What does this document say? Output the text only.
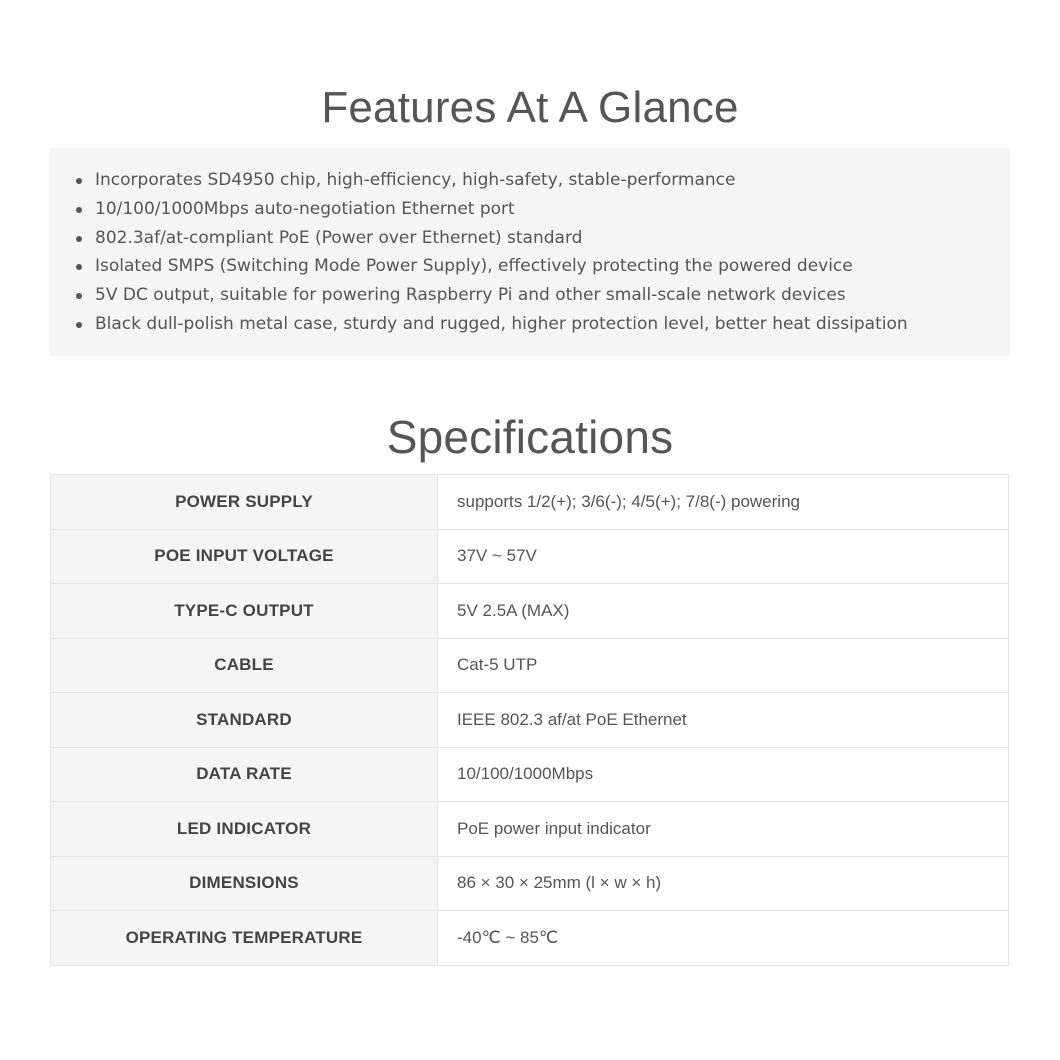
Features At A Glance
Incorporates SD4950 chip, high-efficiency, high-safety, stable-performance
10/100/1000Mbps auto-negotiation Ethernet port
802.3af/at-compliant PoE (Power over Ethernet) standard
Isolated SMPS (Switching Mode Power Supply), effectively protecting the powered device
5V DC output, suitable for powering Raspberry Pi and other small-scale network devices
Black dull-polish metal case, sturdy and rugged, higher protection level, better heat dissipation
Specifications
POWER SUPPLY	supports 1/2(+); 3/6(-); 4/5(+); 7/8(-) powering
POE INPUT VOLTAGE	37V ~ 57V
TYPE-C OUTPUT	5V 2.5A (MAX)
CABLE	Cat-5 UTP
STANDARD	IEEE 802.3 af/at PoE Ethernet
DATA RATE	10/100/1000Mbps
LED INDICATOR	PoE power input indicator
DIMENSIONS	86 × 30 × 25mm (l × w × h)
OPERATING TEMPERATURE	-40℃ ~ 85℃
